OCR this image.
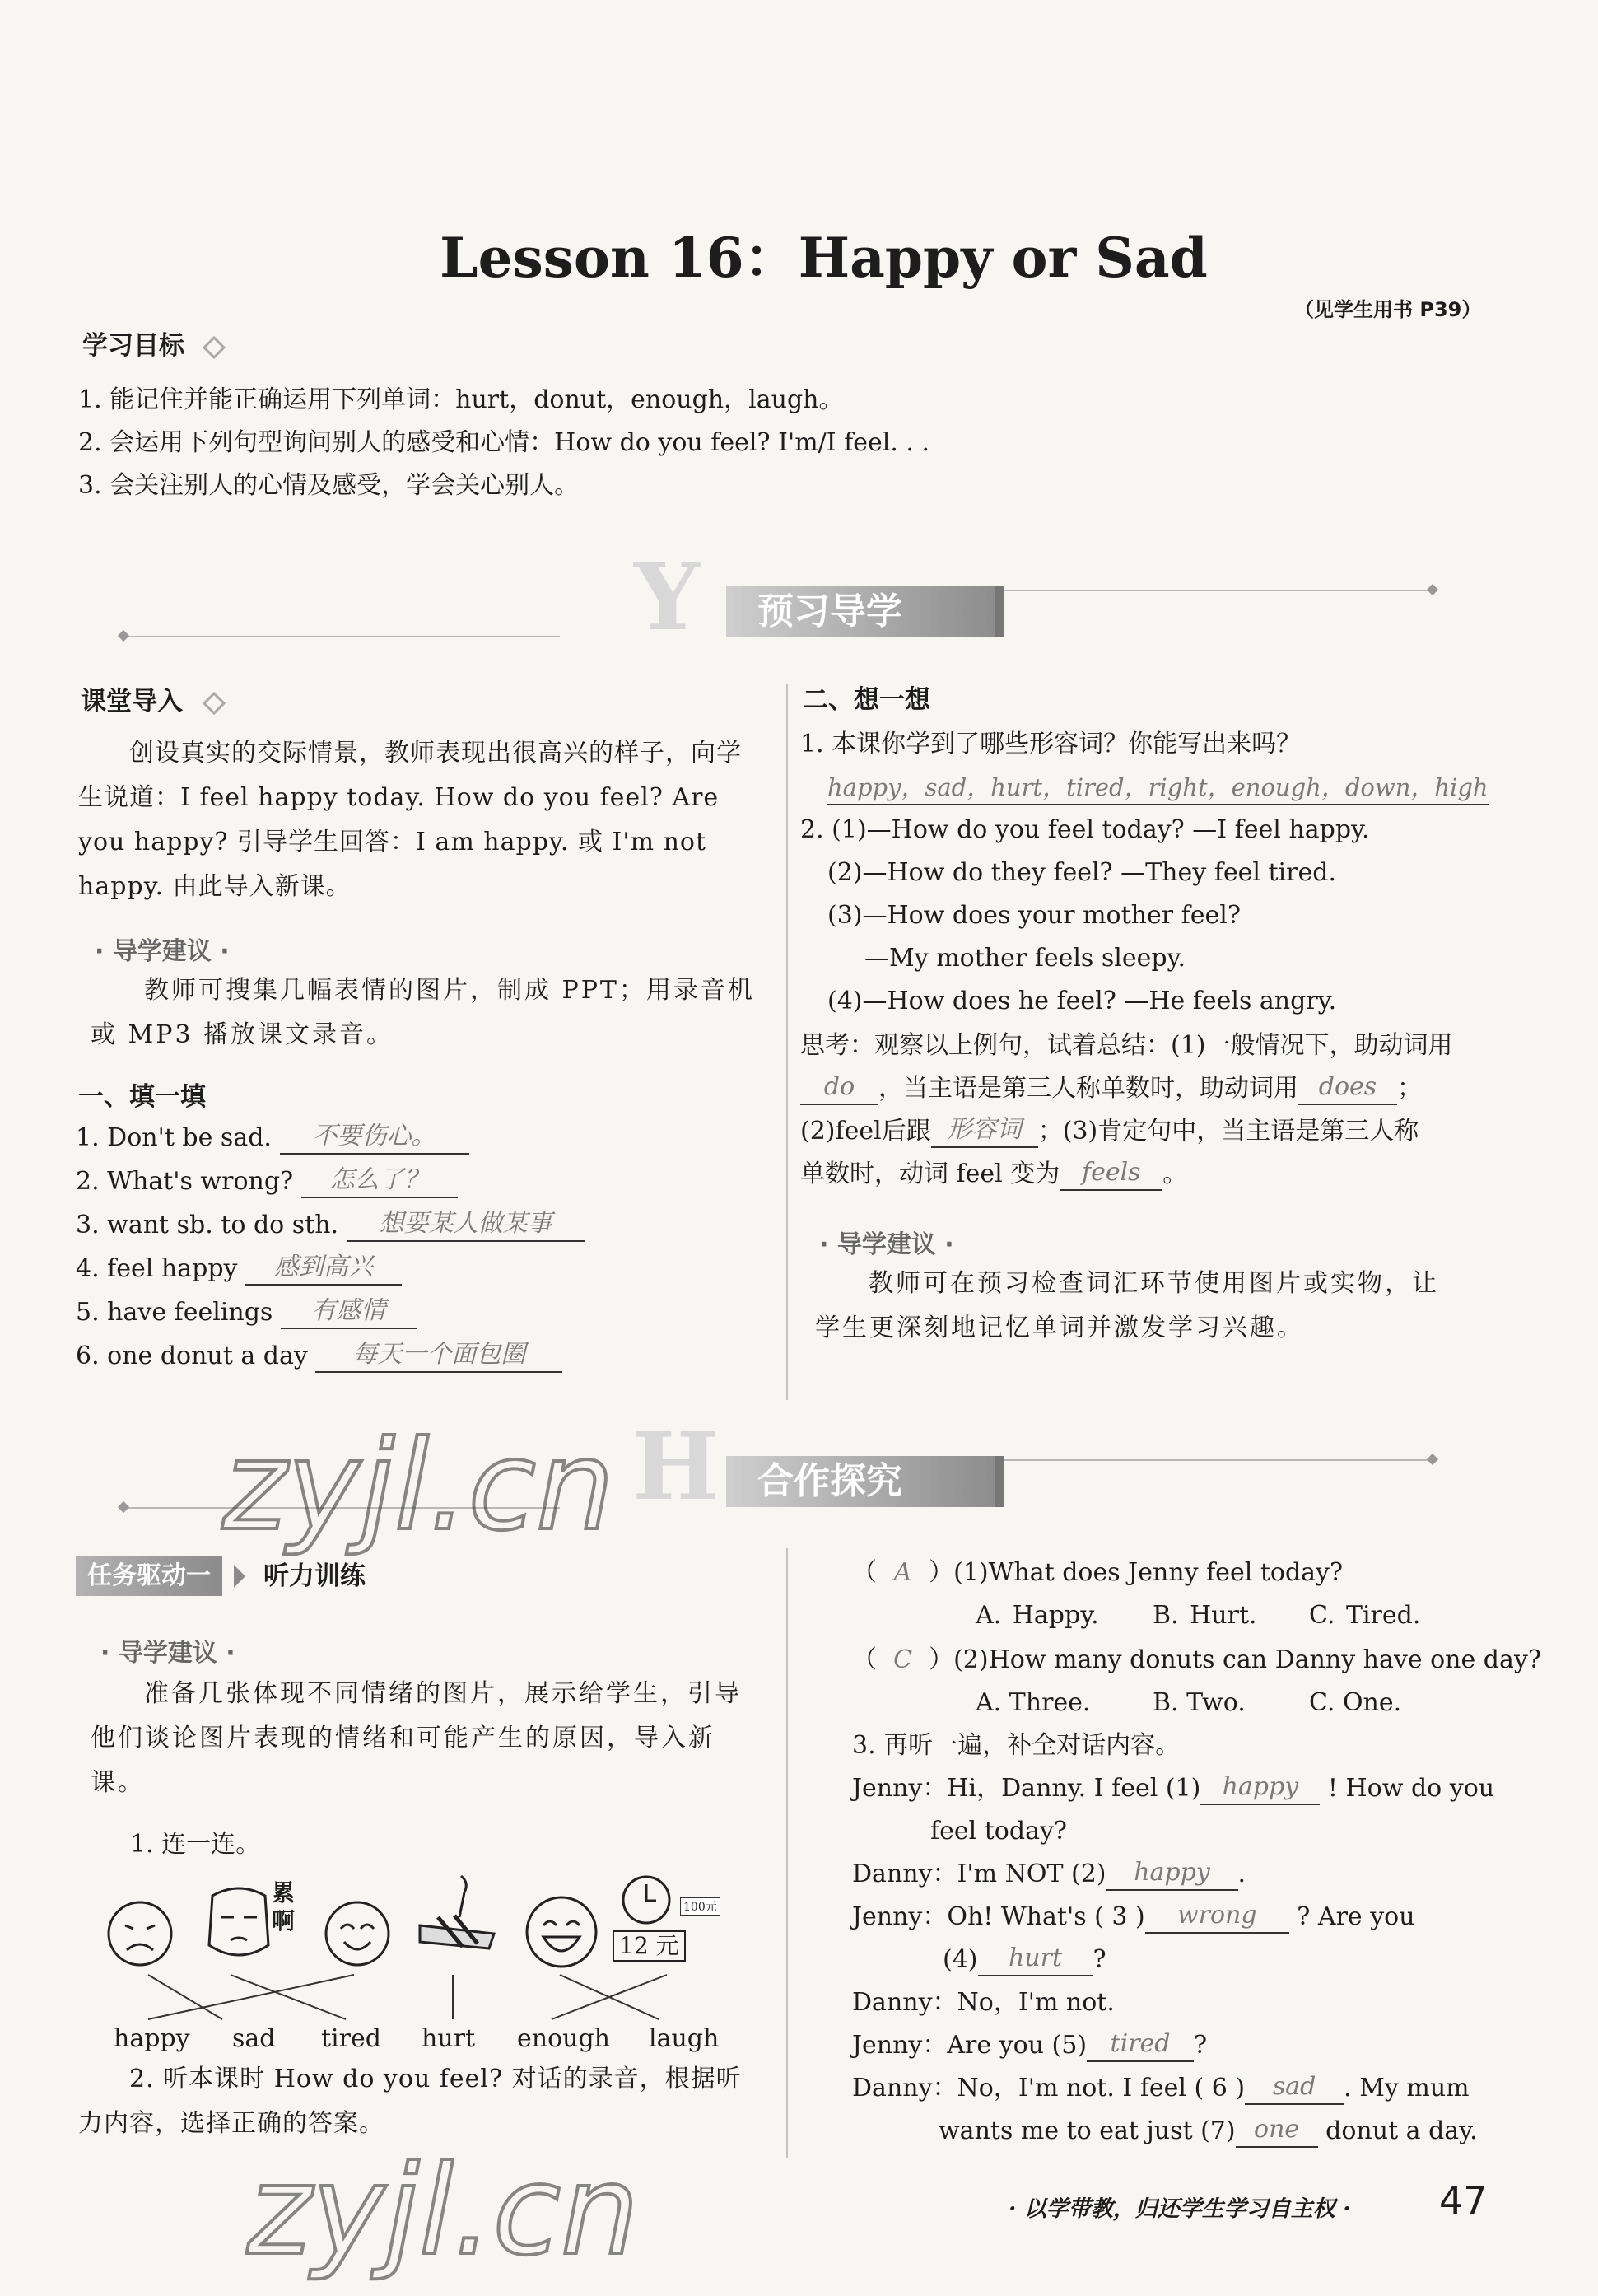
Lesson 16：Happy or Sad
（见学生用书 P39）
学习目标
1. 能记住并能正确运用下列单词：hurt，donut，enough，laugh。
2. 会运用下列句型询问别人的感受和心情：How do you feel? I'm/I feel. . .
3. 会关注别人的心情及感受，学会关心别人。
Y	预习导学
课堂导入
创设真实的交际情景，教师表现出很高兴的样子，向学生说道：I feel happy today. How do you feel? Are you happy? 引导学生回答：I am happy. 或 I'm not happy. 由此导入新课。
· 导学建议 ·
教师可搜集几幅表情的图片，制成 PPT；用录音机或 MP3 播放课文录音。
一、填一填
1. Don't be sad. 不要伤心。
2. What's wrong? 怎么了？
3. want sb. to do sth. 想要某人做某事
4. feel happy 感到高兴
5. have feelings 有感情
6. one donut a day 每天一个面包圈
二、想一想
1. 本课你学到了哪些形容词？你能写出来吗？
happy，sad，hurt，tired，right，enough，down，high
2. (1)—How do you feel today? —I feel happy.
(2)—How do they feel? —They feel tired.
(3)—How does your mother feel?
—My mother feels sleepy.
(4)—How does he feel? —He feels angry.
思考：观察以上例句，试着总结：(1)一般情况下，助动词用
do ，当主语是第三人称单数时，助动词用 does ；
(2)feel后跟 形容词 ；(3)肯定句中，当主语是第三人称
单数时，动词 feel 变为 feels 。
· 导学建议 ·
教师可在预习检查词汇环节使用图片或实物，让学生更深刻地记忆单词并激发学习兴趣。
H	合作探究
任务驱动一	听力训练
· 导学建议 ·
准备几张体现不同情绪的图片，展示给学生，引导他们谈论图片表现的情绪和可能产生的原因，导入新课。
1. 连一连。
累啊	100元
12 元
happy sad tired hurt enough laugh
2. 听本课时 How do you feel? 对话的录音，根据听力内容，选择正确的答案。
（ A ）(1)What does Jenny feel today?
A. Happy. B. Hurt. C. Tired.
（ C ）(2)How many donuts can Danny have one day?
A. Three.	B. Two.	C. One.
3. 再听一遍，补全对话内容。
Jenny：Hi，Danny. I feel (1) happy ! How do you
feel today?
Danny：I'm NOT (2) happy .
Jenny：Oh! What's ( 3 ) wrong ? Are you
(4) hurt ?
Danny：No，I'm not.
Jenny：Are you (5) tired ?
Danny：No，I'm not. I feel ( 6 ) sad . My mum
wants me to eat just (7) one donut a day.
zyjl.cn
zyjl.cn	· 以学带教，归还学生学习自主权 · 47
